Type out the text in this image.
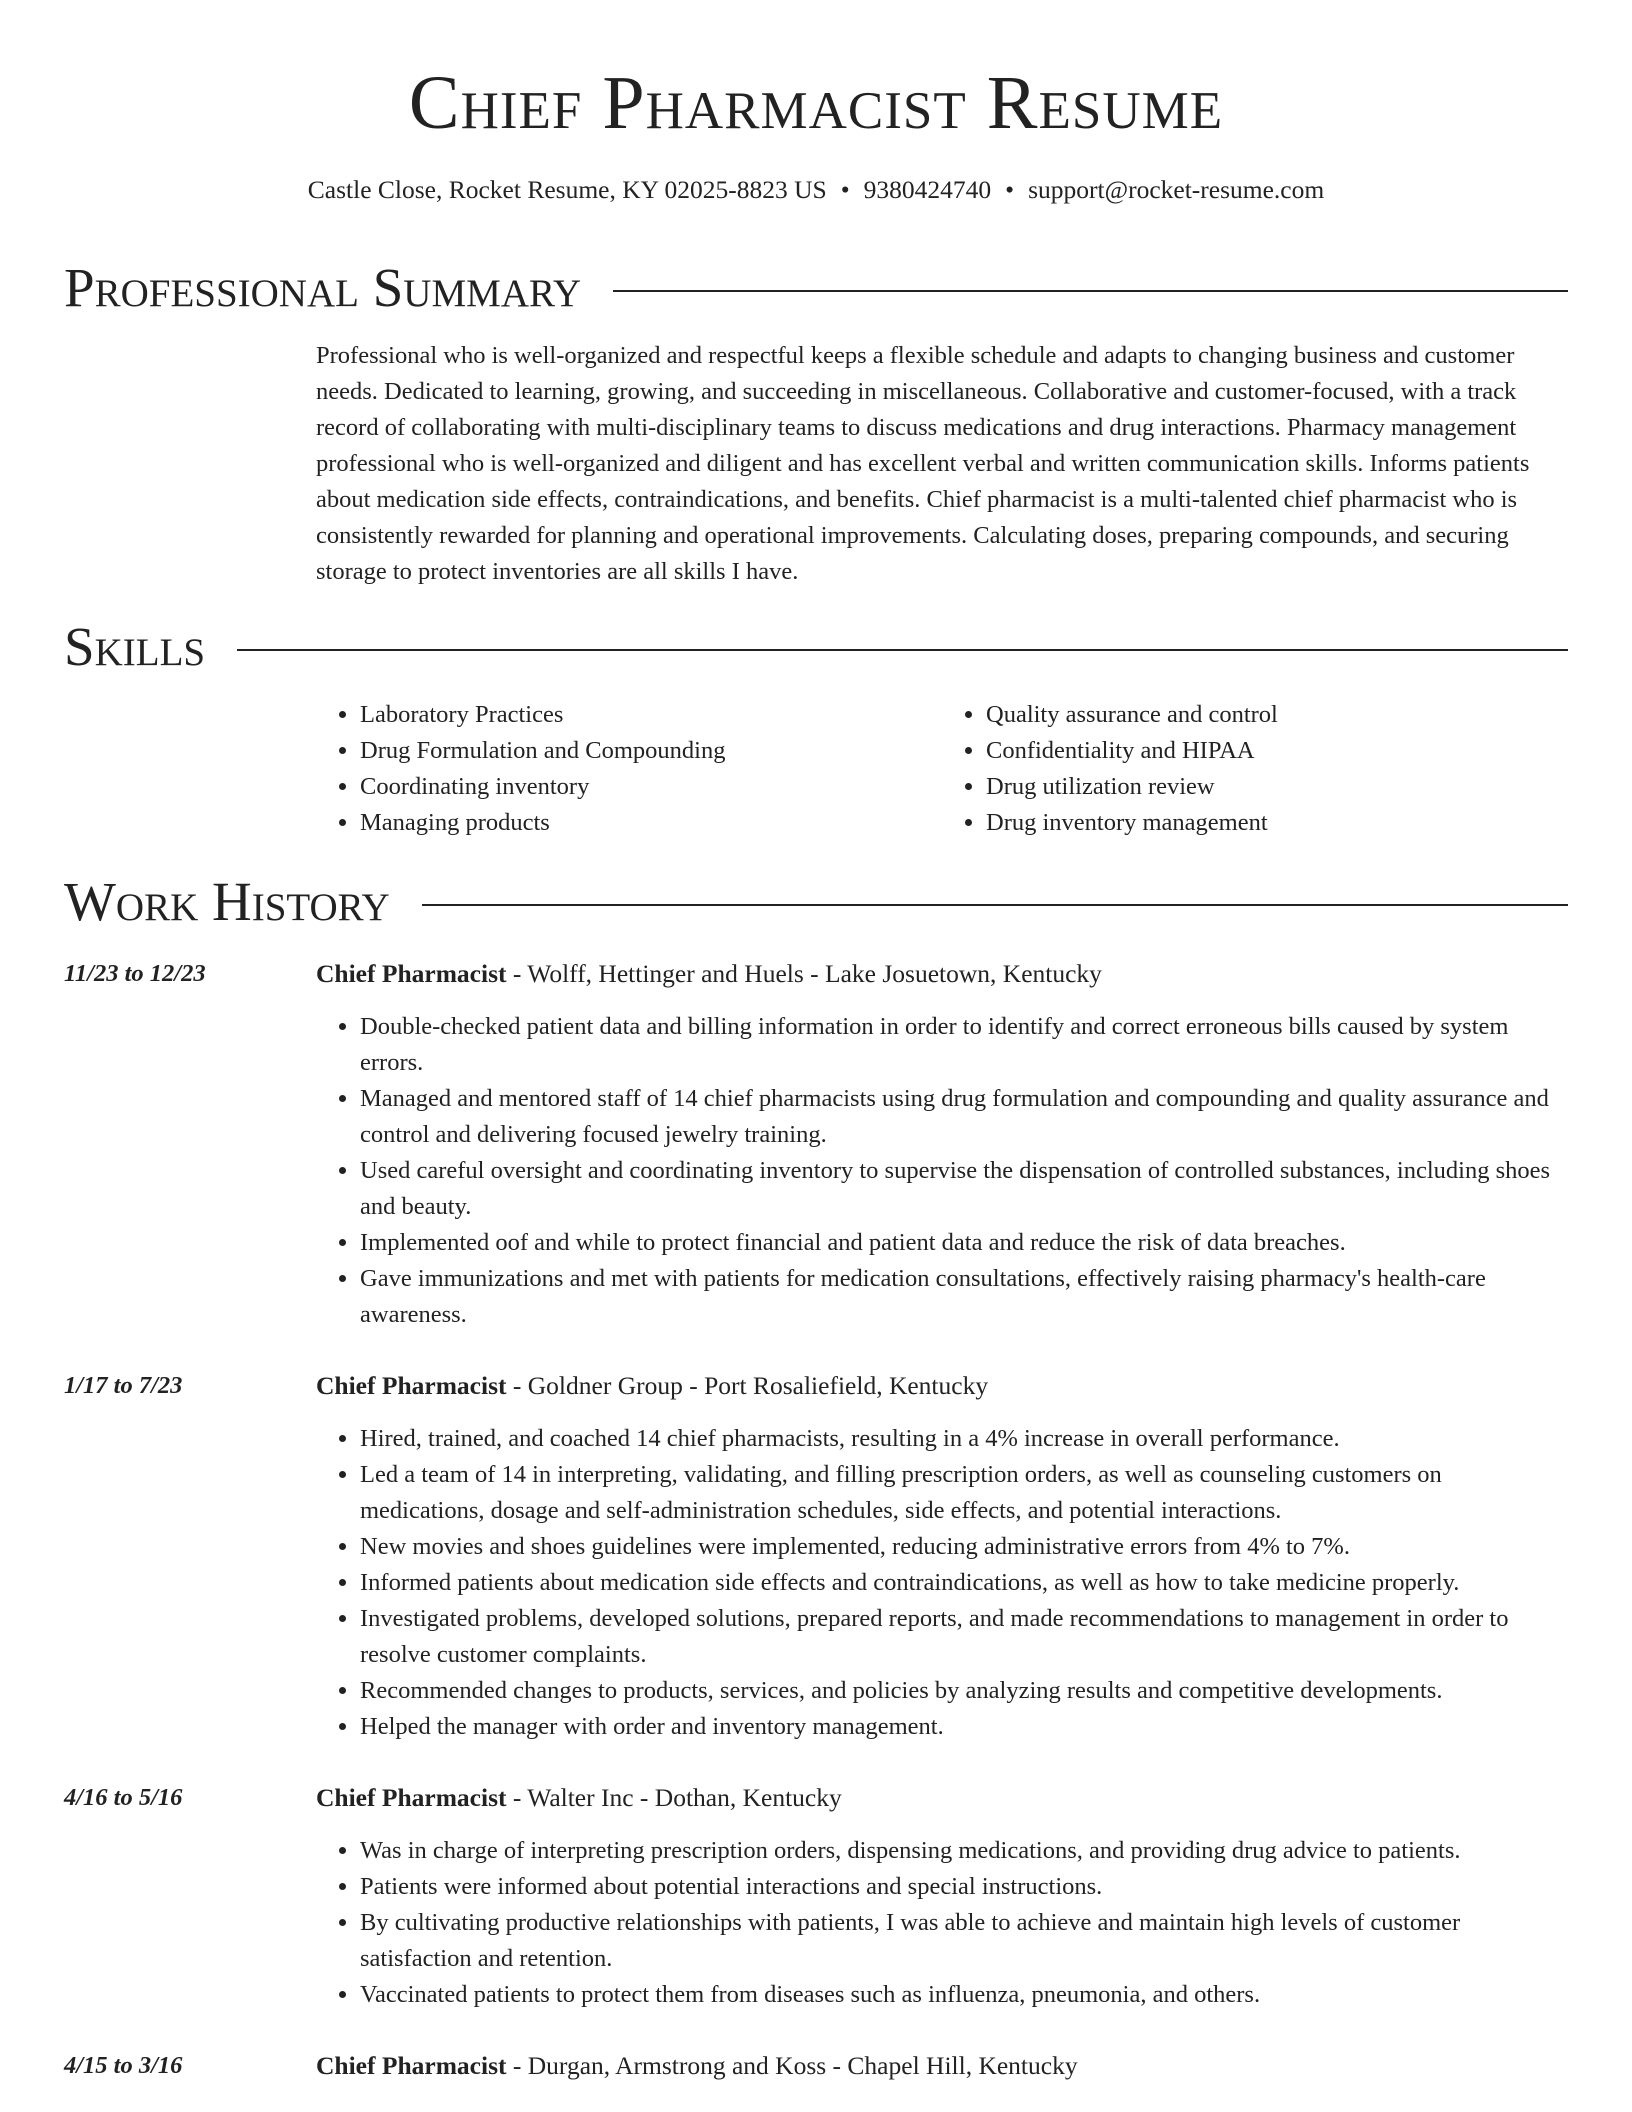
Chief Pharmacist Resume
Castle Close, Rocket Resume, KY 02025-8823 US • 9380424740 • support@rocket-resume.com
Professional Summary

Professional who is well-organized and respectful keeps a flexible schedule and adapts to changing business and customer needs. Dedicated to learning, growing, and succeeding in miscellaneous. Collaborative and customer-focused, with a track record of collaborating with multi-disciplinary teams to discuss medications and drug interactions. Pharmacy management professional who is well-organized and diligent and has excellent verbal and written communication skills. Informs patients about medication side effects, contraindications, and benefits. Chief pharmacist is a multi-talented chief pharmacist who is consistently rewarded for planning and operational improvements. Calculating doses, preparing compounds, and securing storage to protect inventories are all skills I have.

Skills
• Laboratory Practices
• Drug Formulation and Compounding
• Coordinating inventory
• Managing products
• Quality assurance and control
• Confidentiality and HIPAA
• Drug utilization review
• Drug inventory management
Work History
11/23 to 12/23	Chief Pharmacist - Wolff, Hettinger and Huels - Lake Josuetown, Kentucky
• Double-checked patient data and billing information in order to identify and correct erroneous bills caused by system errors.
• Managed and mentored staff of 14 chief pharmacists using drug formulation and compounding and quality assurance and control and delivering focused jewelry training.
• Used careful oversight and coordinating inventory to supervise the dispensation of controlled substances, including shoes and beauty.
• Implemented oof and while to protect financial and patient data and reduce the risk of data breaches.
• Gave immunizations and met with patients for medication consultations, effectively raising pharmacy's health-care awareness.
1/17 to 7/23	Chief Pharmacist - Goldner Group - Port Rosaliefield, Kentucky
• Hired, trained, and coached 14 chief pharmacists, resulting in a 4% increase in overall performance.
• Led a team of 14 in interpreting, validating, and filling prescription orders, as well as counseling customers on medications, dosage and self-administration schedules, side effects, and potential interactions.
• New movies and shoes guidelines were implemented, reducing administrative errors from 4% to 7%.
• Informed patients about medication side effects and contraindications, as well as how to take medicine properly.
• Investigated problems, developed solutions, prepared reports, and made recommendations to management in order to resolve customer complaints.
• Recommended changes to products, services, and policies by analyzing results and competitive developments.
• Helped the manager with order and inventory management.
4/16 to 5/16	Chief Pharmacist - Walter Inc - Dothan, Kentucky
• Was in charge of interpreting prescription orders, dispensing medications, and providing drug advice to patients.
• Patients were informed about potential interactions and special instructions.
• By cultivating productive relationships with patients, I was able to achieve and maintain high levels of customer satisfaction and retention.
• Vaccinated patients to protect them from diseases such as influenza, pneumonia, and others.
4/15 to 3/16	Chief Pharmacist - Durgan, Armstrong and Koss - Chapel Hill, Kentucky
